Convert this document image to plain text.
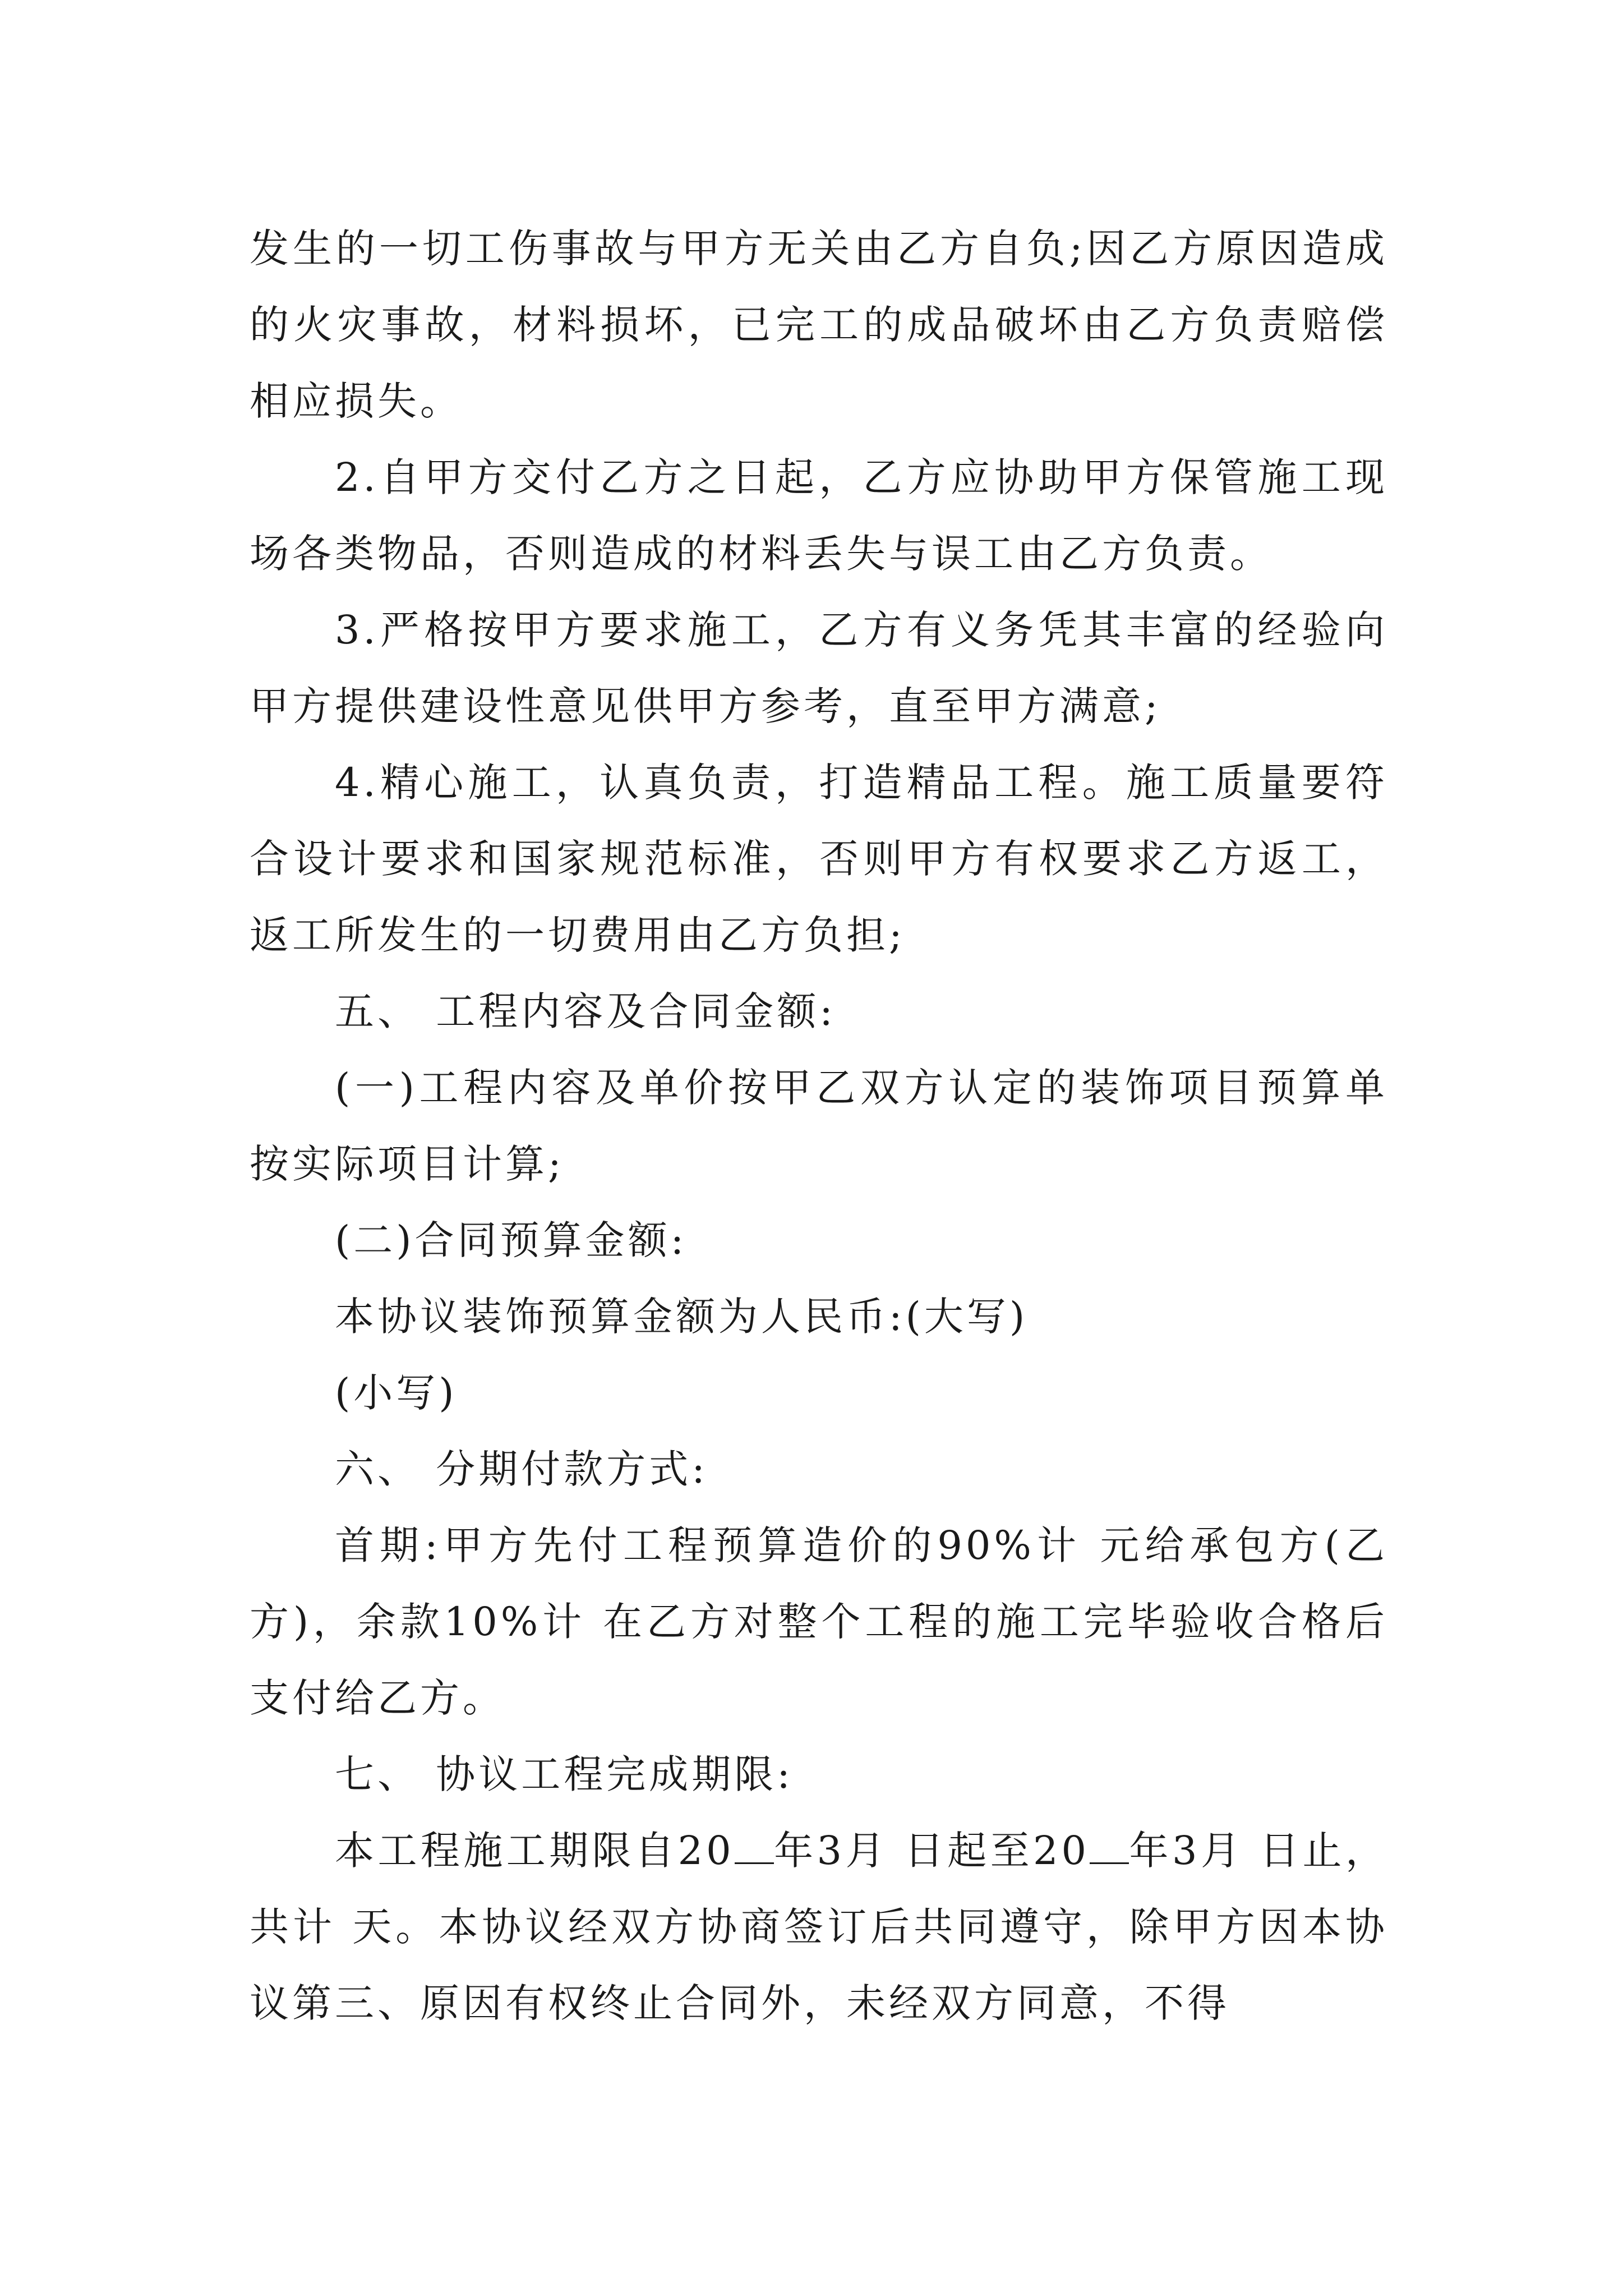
发生的一切工伤事故与甲方无关由乙方自负;因乙方原因造成的火灾事故，材料损坏，已完工的成品破坏由乙方负责赔偿相应损失。

2.自甲方交付乙方之日起，乙方应协助甲方保管施工现场各类物品，否则造成的材料丢失与误工由乙方负责。

3.严格按甲方要求施工，乙方有义务凭其丰富的经验向甲方提供建设性意见供甲方参考，直至甲方满意;

4.精心施工，认真负责，打造精品工程。施工质量要符合设计要求和国家规范标准，否则甲方有权要求乙方返工，返工所发生的一切费用由乙方负担;

五、 工程内容及合同金额:

(一)工程内容及单价按甲乙双方认定的装饰项目预算单按实际项目计算;

(二)合同预算金额:

本协议装饰预算金额为人民币:(大写)

(小写)

六、 分期付款方式:

首期:甲方先付工程预算造价的90%计 元给承包方(乙方)，余款10%计 在乙方对整个工程的施工完毕验收合格后支付给乙方。

七、 协议工程完成期限:

本工程施工期限自20 年3月 日起至20 年3月 日止，共计 天。本协议经双方协商签订后共同遵守，除甲方因本协议第三、原因有权终止合同外，未经双方同意，不得
